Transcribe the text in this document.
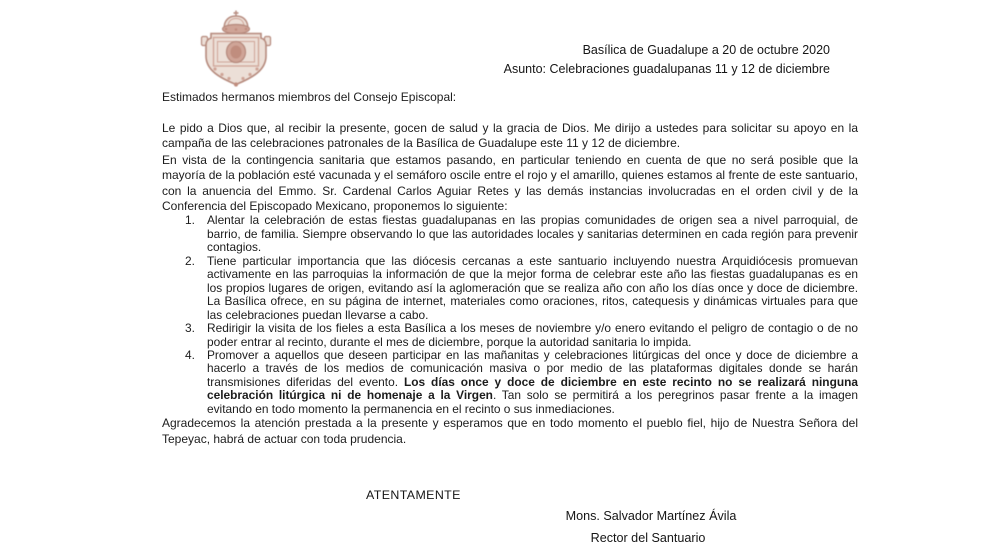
Basílica de Guadalupe a 20 de octubre 2020
Asunto: Celebraciones guadalupanas 11 y 12 de diciembre

Estimados hermanos miembros del Consejo Episcopal:

Le pido a Dios que, al recibir la presente, gocen de salud y la gracia de Dios. Me dirijo a ustedes para solicitar su apoyo en la campaña de las celebraciones patronales de la Basílica de Guadalupe este 11 y 12 de diciembre.

En vista de la contingencia sanitaria que estamos pasando, en particular teniendo en cuenta de que no será posible que la mayoría de la población esté vacunada y el semáforo oscile entre el rojo y el amarillo, quienes estamos al frente de este santuario, con la anuencia del Emmo. Sr. Cardenal Carlos Aguiar Retes y las demás instancias involucradas en el orden civil y de la Conferencia del Episcopado Mexicano, proponemos lo siguiente:

1.	Alentar la celebración de estas fiestas guadalupanas en las propias comunidades de origen sea a nivel parroquial, de barrio, de familia. Siempre observando lo que las autoridades locales y sanitarias determinen en cada región para prevenir contagios.
2.	Tiene particular importancia que las diócesis cercanas a este santuario incluyendo nuestra Arquidiócesis promuevan activamente en las parroquias la información de que la mejor forma de celebrar este año las fiestas guadalupanas es en los propios lugares de origen, evitando así la aglomeración que se realiza año con año los días once y doce de diciembre. La Basílica ofrece, en su página de internet, materiales como oraciones, ritos, catequesis y dinámicas virtuales para que las celebraciones puedan llevarse a cabo.
3.	Redirigir la visita de los fieles a esta Basílica a los meses de noviembre y/o enero evitando el peligro de contagio o de no poder entrar al recinto, durante el mes de diciembre, porque la autoridad sanitaria lo impida.
4.	Promover a aquellos que deseen participar en las mañanitas y celebraciones litúrgicas del once y doce de diciembre a hacerlo a través de los medios de comunicación masiva o por medio de las plataformas digitales donde se harán transmisiones diferidas del evento. Los días once y doce de diciembre en este recinto no se realizará ninguna celebración litúrgica ni de homenaje a la Virgen. Tan solo se permitirá a los peregrinos pasar frente a la imagen evitando en todo momento la permanencia en el recinto o sus inmediaciones.

Agradecemos la atención prestada a la presente y esperamos que en todo momento el pueblo fiel, hijo de Nuestra Señora del Tepeyac, habrá de actuar con toda prudencia.

ATENTAMENTE
Mons. Salvador Martínez Ávila
Rector del Santuario
